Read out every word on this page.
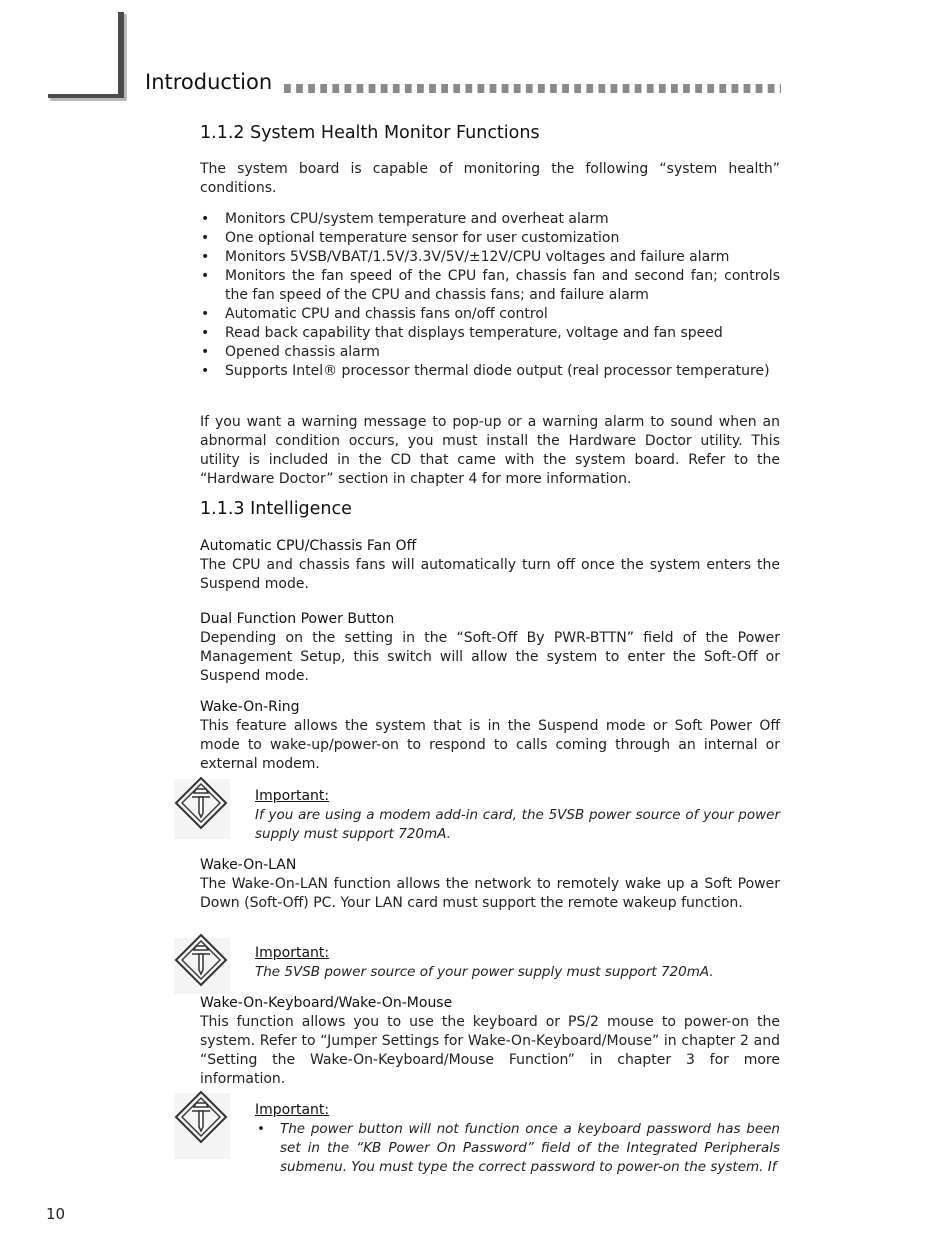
Introduction
1.1.2 System Health Monitor Functions
The system board is capable of monitoring the following “system health” conditions.
• Monitors CPU/system temperature and overheat alarm
• One optional temperature sensor for user customization
• Monitors 5VSB/VBAT/1.5V/3.3V/5V/±12V/CPU voltages and failure alarm
• Monitors the fan speed of the CPU fan, chassis fan and second fan; controls the fan speed of the CPU and chassis fans; and failure alarm
• Automatic CPU and chassis fans on/off control
• Read back capability that displays temperature, voltage and fan speed
• Opened chassis alarm
• Supports Intel® processor thermal diode output (real processor temperature)
If you want a warning message to pop-up or a warning alarm to sound when an abnormal condition occurs, you must install the Hardware Doctor utility. This utility is included in the CD that came with the system board. Refer to the “Hardware Doctor” section in chapter 4 for more information.
1.1.3 Intelligence
Automatic CPU/Chassis Fan Off
The CPU and chassis fans will automatically turn off once the system enters the Suspend mode.
Dual Function Power Button
Depending on the setting in the “Soft-Off By PWR-BTTN” field of the Power Management Setup, this switch will allow the system to enter the Soft-Off or Suspend mode.
Wake-On-Ring
This feature allows the system that is in the Suspend mode or Soft Power Off mode to wake-up/power-on to respond to calls coming through an internal or external modem.
Important:
If you are using a modem add-in card, the 5VSB power source of your power supply must support 720mA.
Wake-On-LAN
The Wake-On-LAN function allows the network to remotely wake up a Soft Power Down (Soft-Off) PC. Your LAN card must support the remote wakeup function.
Important:
The 5VSB power source of your power supply must support 720mA.
Wake-On-Keyboard/Wake-On-Mouse
This function allows you to use the keyboard or PS/2 mouse to power-on the system. Refer to “Jumper Settings for Wake-On-Keyboard/Mouse” in chapter 2 and “Setting the Wake-On-Keyboard/Mouse Function” in chapter 3 for more information.
Important:
• The power button will not function once a keyboard password has been set in the “KB Power On Password” field of the Integrated Peripherals submenu. You must type the correct password to power-on the system. If
10
